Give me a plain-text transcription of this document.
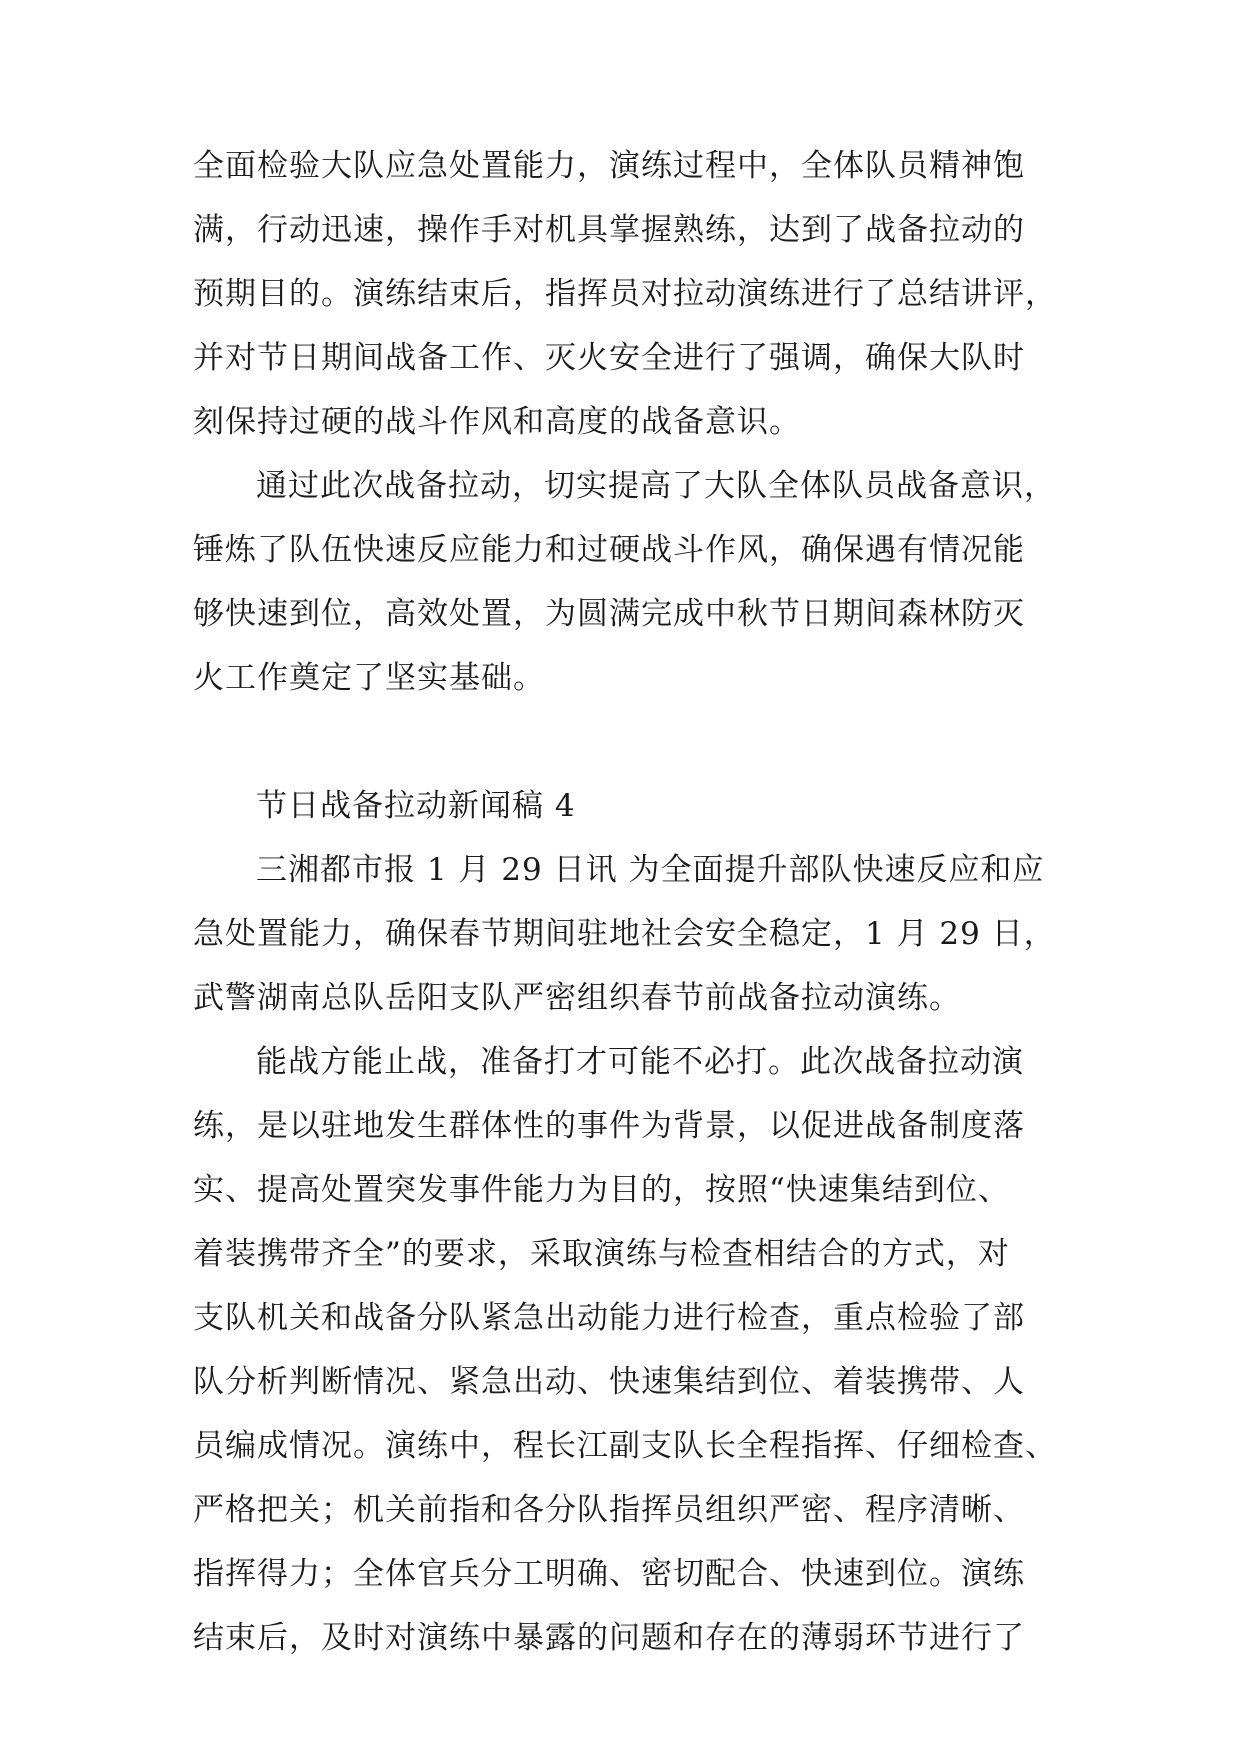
全面检验大队应急处置能力，演练过程中，全体队员精神饱
满，行动迅速，操作手对机具掌握熟练，达到了战备拉动的
预期目的。演练结束后，指挥员对拉动演练进行了总结讲评，
并对节日期间战备工作、灭火安全进行了强调，确保大队时
刻保持过硬的战斗作风和高度的战备意识。
通过此次战备拉动，切实提高了大队全体队员战备意识，
锤炼了队伍快速反应能力和过硬战斗作风，确保遇有情况能
够快速到位，高效处置，为圆满完成中秋节日期间森林防灭
火工作奠定了坚实基础。
节日战备拉动新闻稿 4
三湘都市报 1 月 29 日讯 为全面提升部队快速反应和应
急处置能力，确保春节期间驻地社会安全稳定，1 月 29 日，
武警湖南总队岳阳支队严密组织春节前战备拉动演练。
能战方能止战，准备打才可能不必打。此次战备拉动演
练，是以驻地发生群体性的事件为背景，以促进战备制度落
实、提高处置突发事件能力为目的，按照“快速集结到位、
着装携带齐全”的要求，采取演练与检查相结合的方式，对
支队机关和战备分队紧急出动能力进行检查，重点检验了部
队分析判断情况、紧急出动、快速集结到位、着装携带、人
员编成情况。演练中，程长江副支队长全程指挥、仔细检查、
严格把关；机关前指和各分队指挥员组织严密、程序清晰、
指挥得力；全体官兵分工明确、密切配合、快速到位。演练
结束后，及时对演练中暴露的问题和存在的薄弱环节进行了
